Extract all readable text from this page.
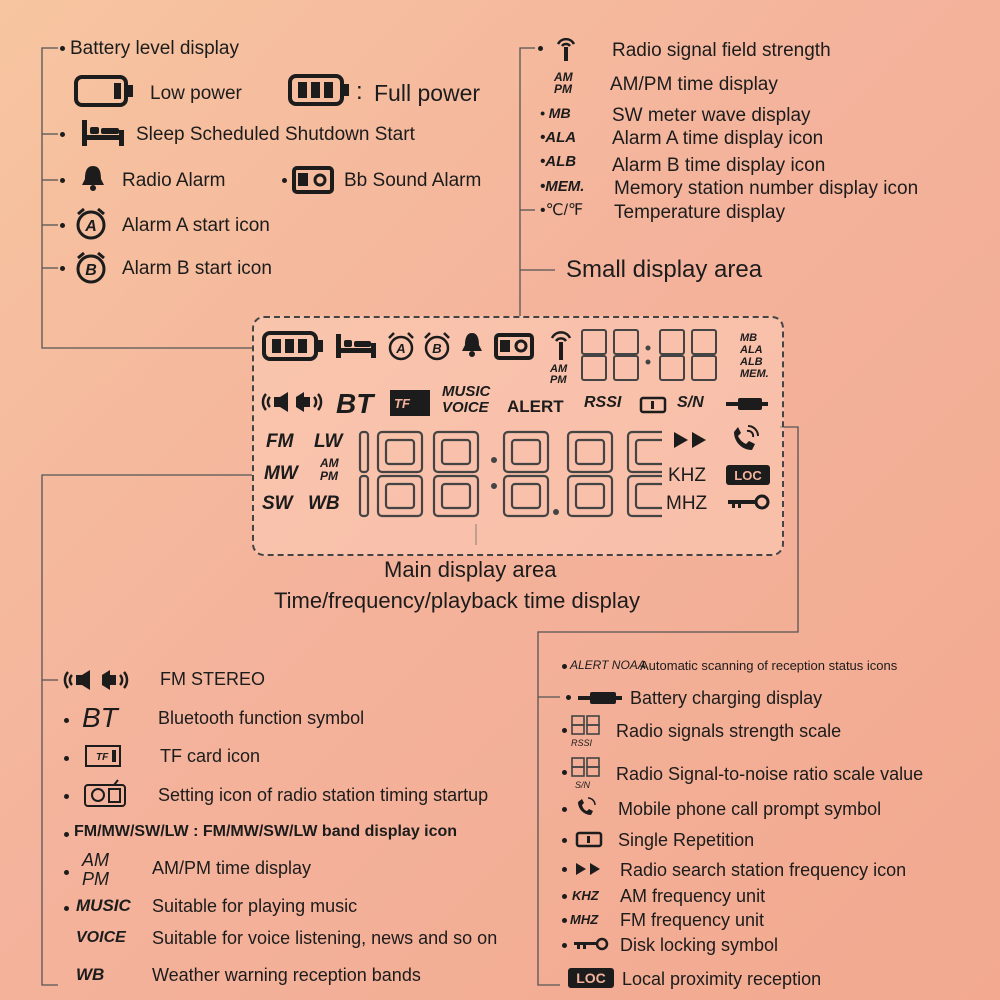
Battery level display
Low power	: Full power
Sleep Scheduled Shutdown Start
Radio Alarm	Bb Sound Alarm
A Alarm A start icon
B Alarm B start icon
Radio signal field strength
AM
PM AM/PM time display
• MB SW meter wave display
•ALA Alarm A time display icon
•ALB Alarm B time display icon
•MEM. Memory station number display icon
•℃/℉ Temperature display
Small display area
A B
AM
PM
MB
ALA
ALB
MEM.
BT TF
MUSIC
VOICE ALERT RSSI	S/N
FM LW
MW AM
PM
SW WB
KHZ LOC
MHZ
Main display area
Time/frequency/playback time display
FM STEREO
BT Bluetooth function symbol
TF	TF card icon
Setting icon of radio station timing startup
FM/MW/SW/LW : FM/MW/SW/LW band display icon
AM
PM
AM/PM time display
MUSIC Suitable for playing music
VOICE Suitable for voice listening, news and so on
WB	Weather warning reception bands
ALERT NOAA
Automatic scanning of reception status icons
Battery charging display
RSSI
Radio signals strength scale
S/N
Radio Signal-to-noise ratio scale value
Mobile phone call prompt symbol
Single Repetition
Radio search station frequency icon
KHZ AM frequency unit
MHZ FM frequency unit
Disk locking symbol
LOC Local proximity reception
